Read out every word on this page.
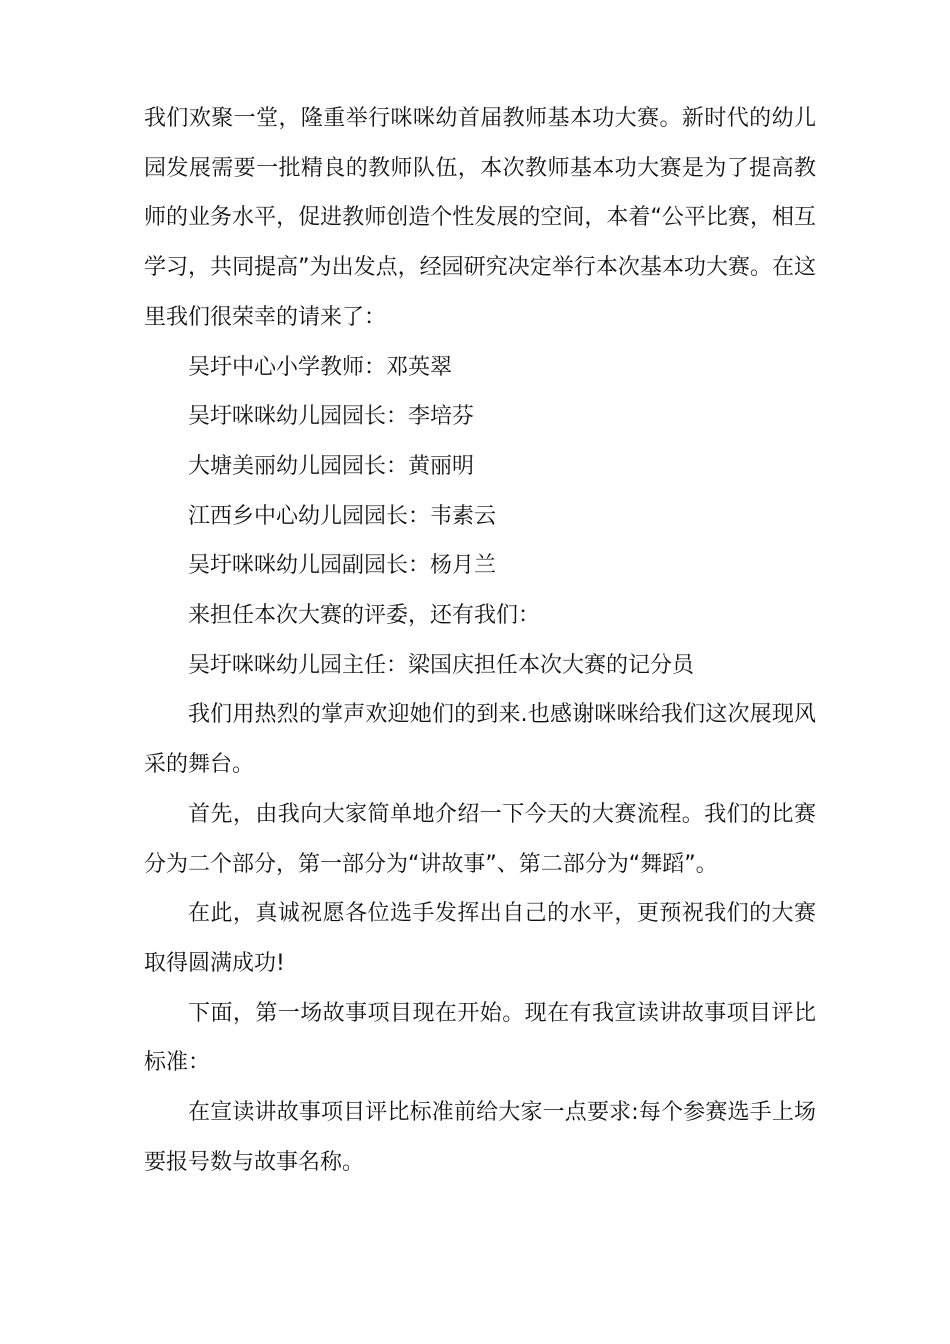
我们欢聚一堂，隆重举行咪咪幼首届教师基本功大赛。新时代的幼儿园发展需要一批精良的教师队伍，本次教师基本功大赛是为了提高教师的业务水平，促进教师创造个性发展的空间，本着“公平比赛，相互学习，共同提高”为出发点，经园研究决定举行本次基本功大赛。在这里我们很荣幸的请来了：

吴圩中心小学教师：邓英翠

吴圩咪咪幼儿园园长：李培芬

大塘美丽幼儿园园长：黄丽明

江西乡中心幼儿园园长：韦素云

吴圩咪咪幼儿园副园长：杨月兰

来担任本次大赛的评委，还有我们：

吴圩咪咪幼儿园主任：梁国庆担任本次大赛的记分员

我们用热烈的掌声欢迎她们的到来.也感谢咪咪给我们这次展现风采的舞台。

首先，由我向大家简单地介绍一下今天的大赛流程。我们的比赛分为二个部分，第一部分为“讲故事”、第二部分为“舞蹈”。

在此，真诚祝愿各位选手发挥出自己的水平，更预祝我们的大赛取得圆满成功!

下面，第一场故事项目现在开始。现在有我宣读讲故事项目评比标准：

在宣读讲故事项目评比标准前给大家一点要求:每个参赛选手上场要报号数与故事名称。
